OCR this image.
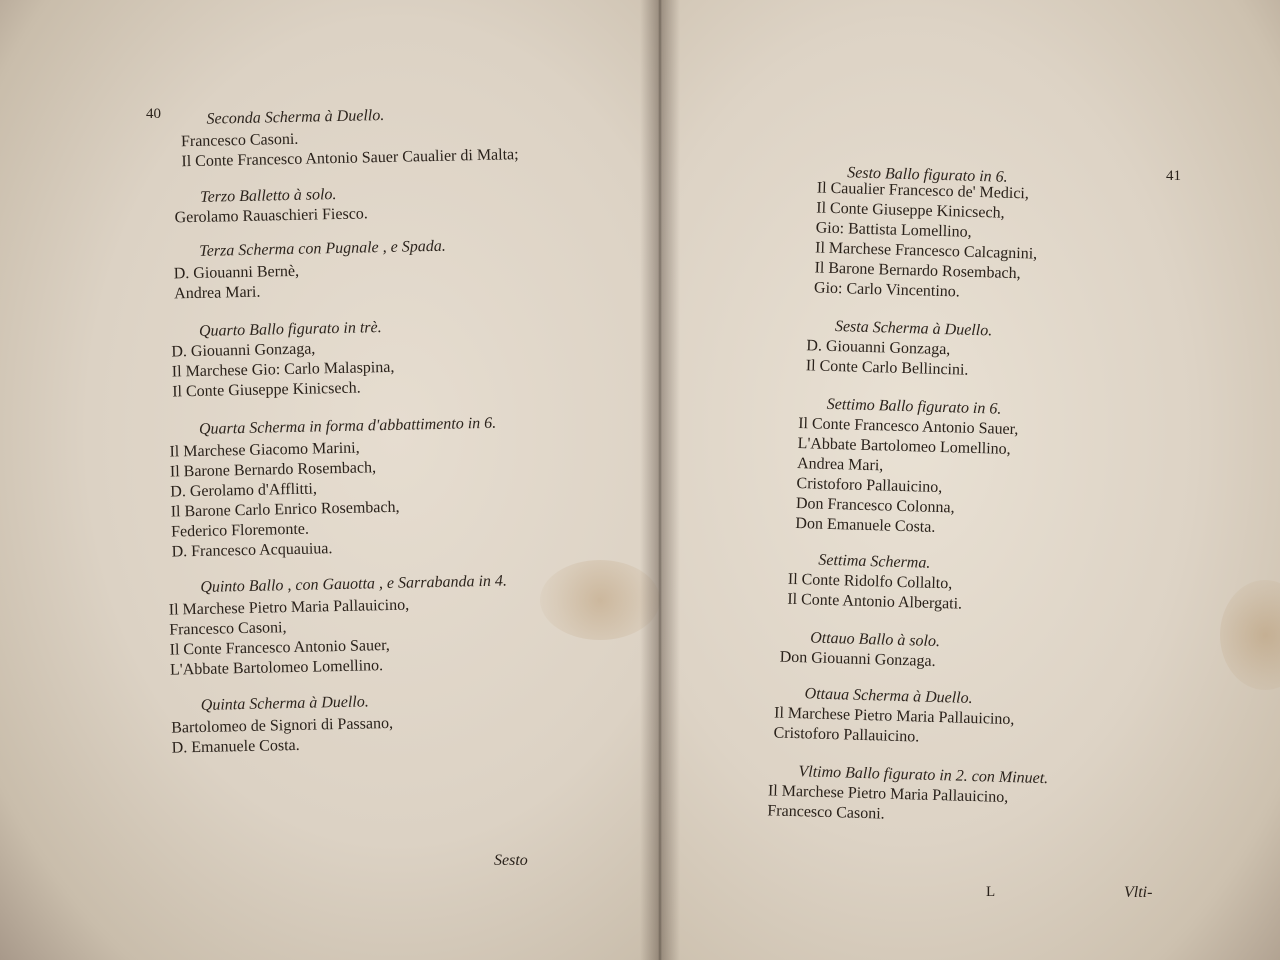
40	Seconda Scherma à Duello.
Francesco Casoni.
Il Conte Francesco Antonio Sauer Caualier di Malta;
Terzo Balletto à solo.
Gerolamo Rauaschieri Fiesco.
Terza Scherma con Pugnale , e Spada.
D. Giouanni Bernè,
Andrea Mari.
Quarto Ballo figurato in trè.
D. Giouanni Gonzaga,
Il Marchese Gio: Carlo Malaspina,
Il Conte Giuseppe Kinicsech.
Quarta Scherma in forma d'abbattimento in 6.
Il Marchese Giacomo Marini,
Il Barone Bernardo Rosembach,
D. Gerolamo d'Afflitti,
Il Barone Carlo Enrico Rosembach,
Federico Floremonte.
D. Francesco Acquauiua.
Quinto Ballo , con Gauotta , e Sarrabanda in 4.
Il Marchese Pietro Maria Pallauicino,
Francesco Casoni,
Il Conte Francesco Antonio Sauer,
L'Abbate Bartolomeo Lomellino.
Quinta Scherma à Duello.
Bartolomeo de Signori di Passano,
D. Emanuele Costa.
Sesto
41
Sesto Ballo figurato in 6.
Il Caualier Francesco de' Medici,
Il Conte Giuseppe Kinicsech,
Gio: Battista Lomellino,
Il Marchese Francesco Calcagnini,
Il Barone Bernardo Rosembach,
Gio: Carlo Vincentino.
Sesta Scherma à Duello.
D. Giouanni Gonzaga,
Il Conte Carlo Bellincini.
Settimo Ballo figurato in 6.
Il Conte Francesco Antonio Sauer,
L'Abbate Bartolomeo Lomellino,
Andrea Mari,
Cristoforo Pallauicino,
Don Francesco Colonna,
Don Emanuele Costa.
Settima Scherma.
Il Conte Ridolfo Collalto,
Il Conte Antonio Albergati.
Ottauo Ballo à solo.
Don Giouanni Gonzaga.
Ottaua Scherma à Duello.
Il Marchese Pietro Maria Pallauicino,
Cristoforo Pallauicino.
Vltimo Ballo figurato in 2. con Minuet.
Il Marchese Pietro Maria Pallauicino,
Francesco Casoni.
L	Vlti-
